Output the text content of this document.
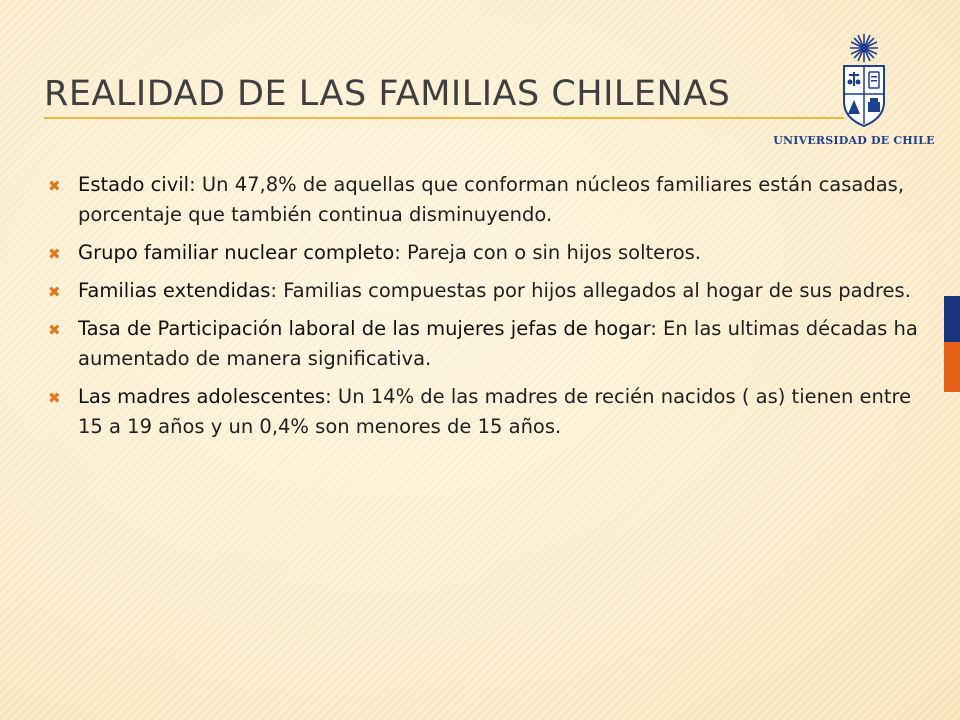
REALIDAD DE LAS FAMILIAS CHILENAS
UNIVERSIDAD DE CHILE
✖ Estado civil: Un 47,8% de aquellas que conforman núcleos familiares están casadas, porcentaje que también continua disminuyendo.
✖ Grupo familiar nuclear completo: Pareja con o sin hijos solteros.
✖ Familias extendidas: Familias compuestas por hijos allegados al hogar de sus padres.
✖ Tasa de Participación laboral de las mujeres jefas de hogar: En las ultimas décadas ha aumentado de manera significativa.
✖ Las madres adolescentes: Un 14% de las madres de recién nacidos ( as) tienen entre 15 a 19 años y un 0,4% son menores de 15 años.
